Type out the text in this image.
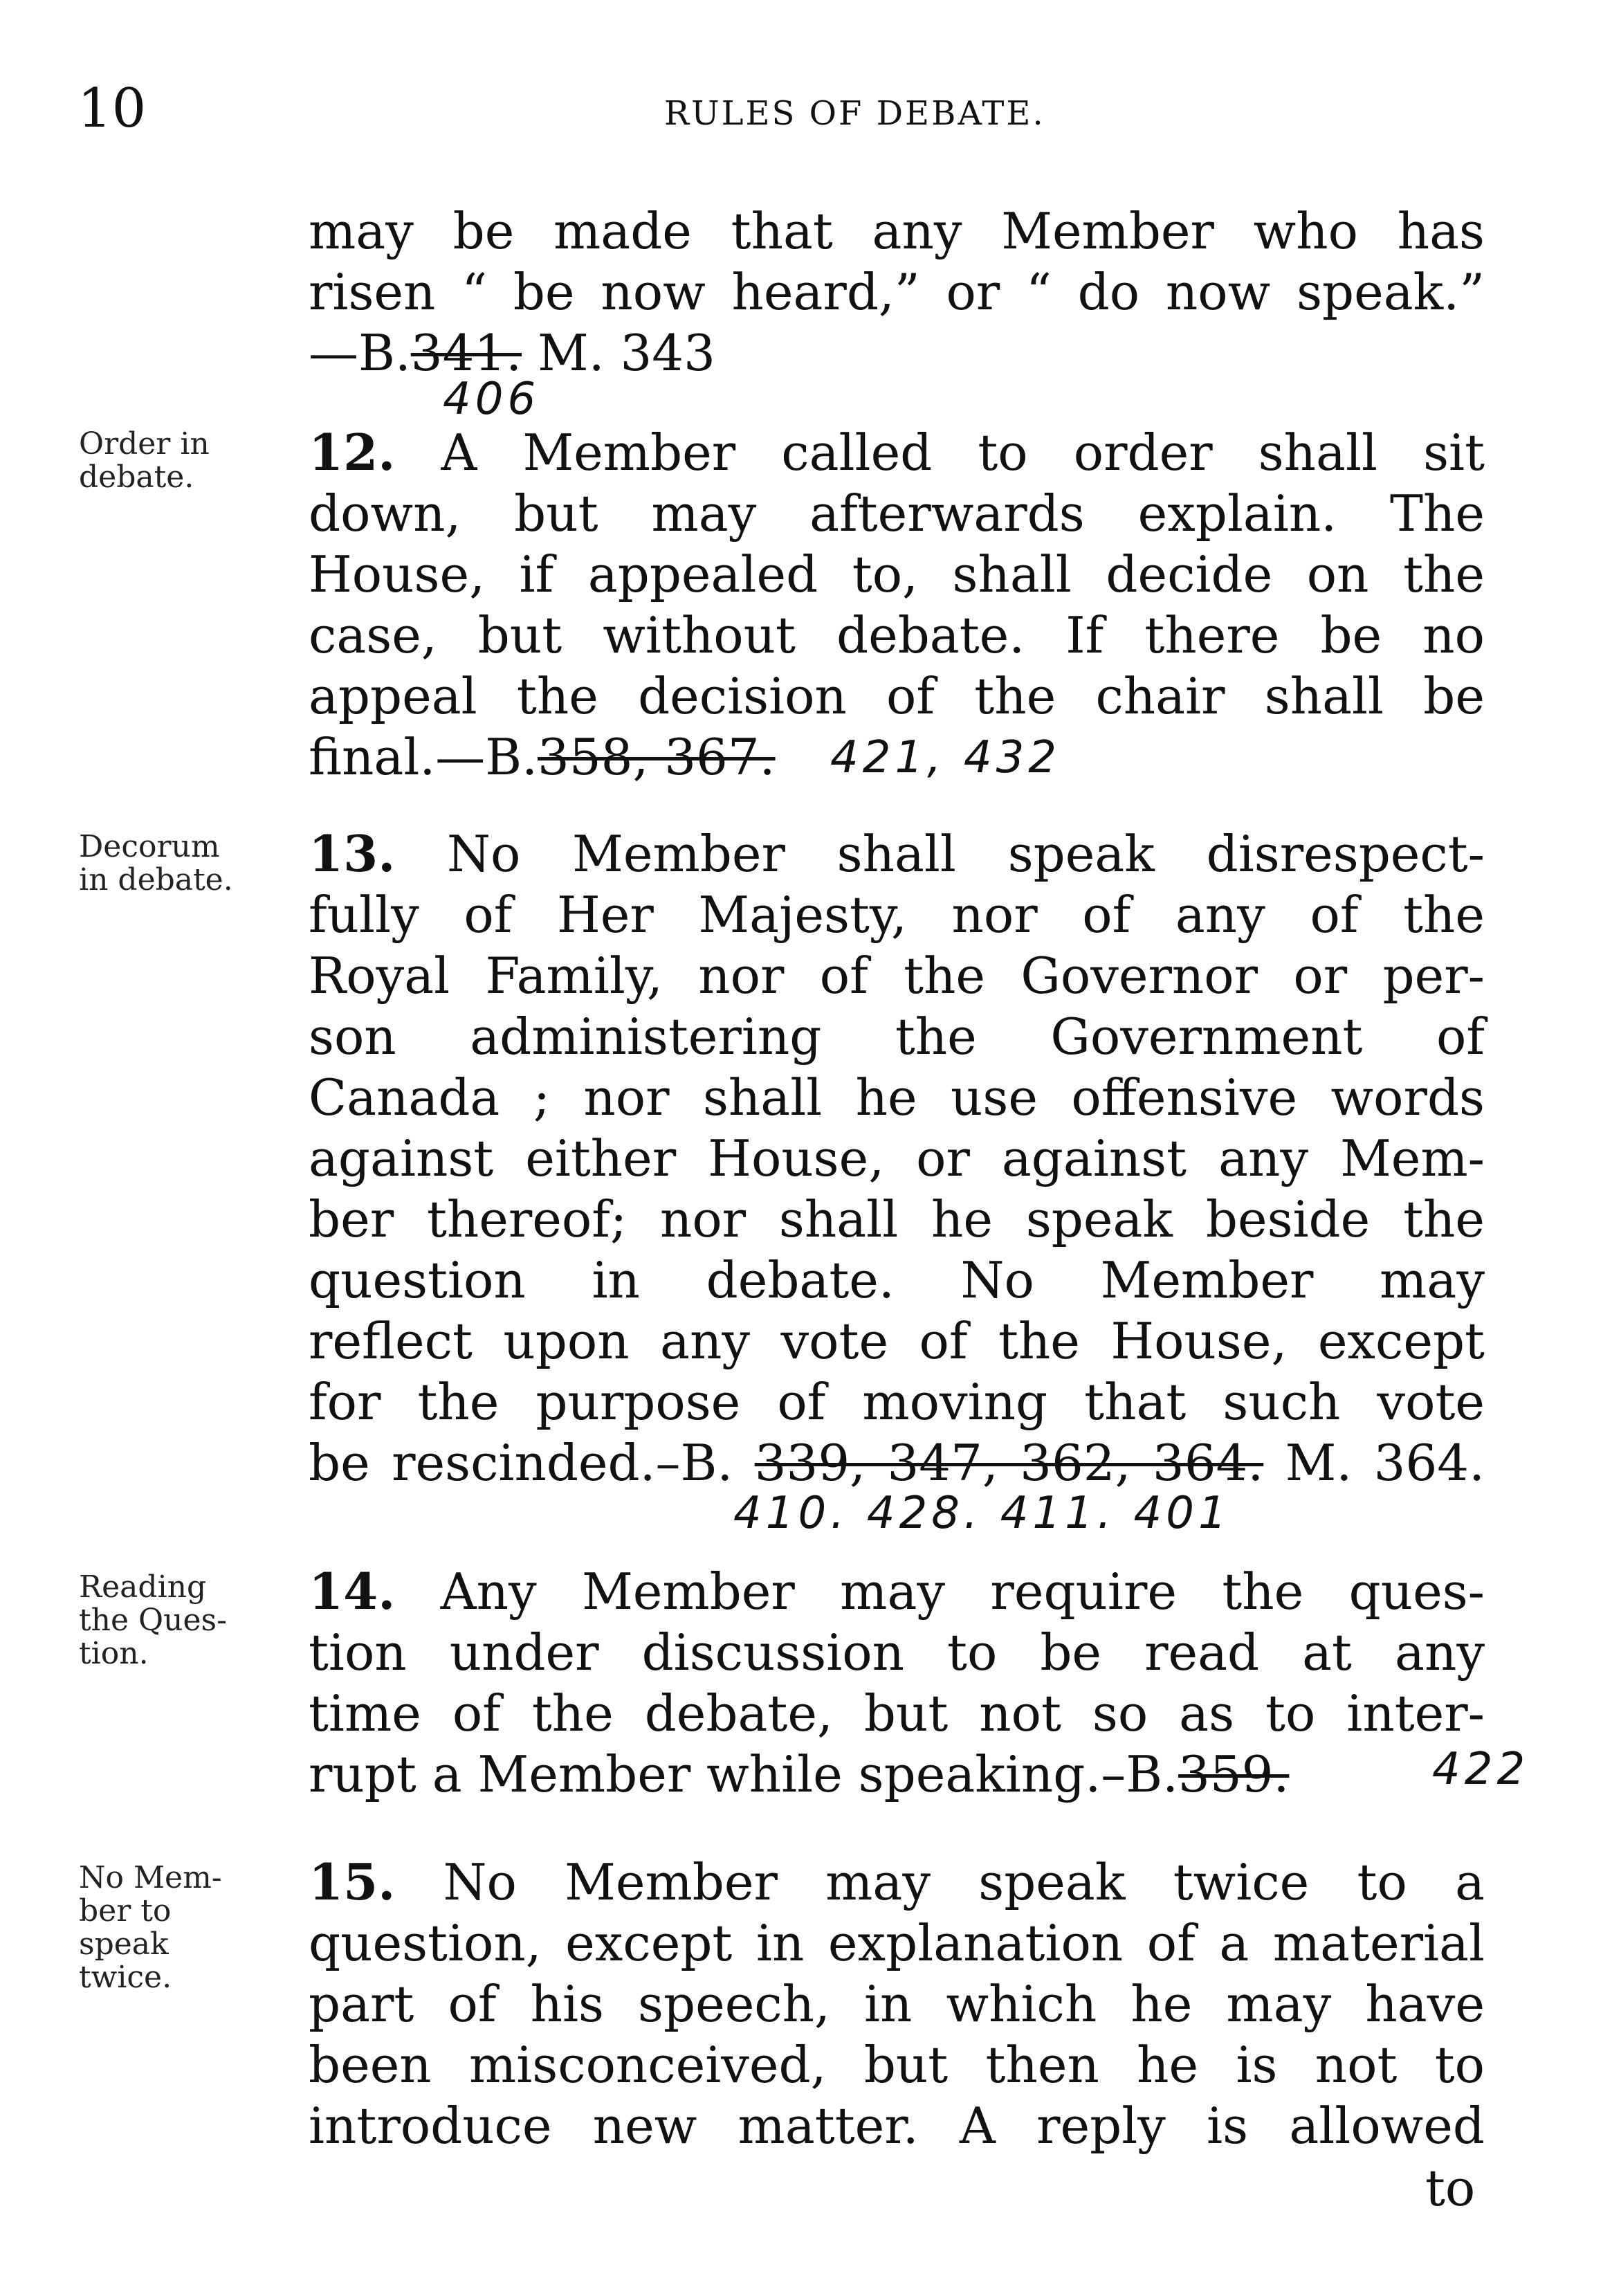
10	RULES OF DEBATE.
may be made that any Member who has
risen “ be now heard,” or “ do now speak.”
—B.341. M. 343
406
Order in
debate.	12. A Member called to order shall sit
down, but may afterwards explain. The
House, if appealed to, shall decide on the
case, but without debate. If there be no
appeal the decision of the chair shall be
final.—B.358, 367.	421, 432
Decorum
in debate.	13. No Member shall speak disrespect-
fully of Her Majesty, nor of any of the
Royal Family, nor of the Governor or per-
son administering the Government of
Canada ; nor shall he use offensive words
against either House, or against any Mem-
ber thereof; nor shall he speak beside the
question in debate. No Member may
reflect upon any vote of the House, except
for the purpose of moving that such vote
be rescinded.–B. 339, 347, 362, 364. M. 364.
410. 428. 411. 401
Reading
the Ques-
tion.
14. Any Member may require the ques-
tion under discussion to be read at any
time of the debate, but not so as to inter-
rupt a Member while speaking.–B.359.	422
No Mem-
ber to
speak
twice.
15. No Member may speak twice to a
question, except in explanation of a material
part of his speech, in which he may have
been misconceived, but then he is not to
introduce new matter. A reply is allowed
to
